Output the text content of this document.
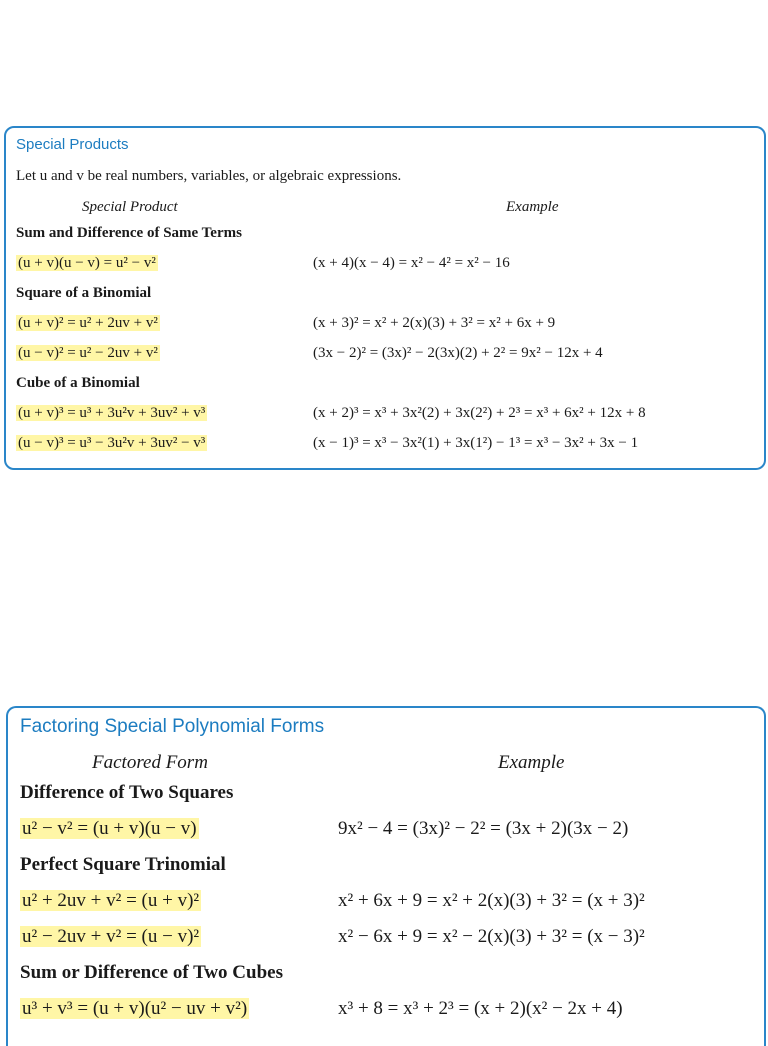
Special Products
Let u and v be real numbers, variables, or algebraic expressions.
Special Product	Example
Sum and Difference of Same Terms
(u + v)(u − v) = u² − v²	(x + 4)(x − 4) = x² − 4² = x² − 16
Square of a Binomial
(u + v)² = u² + 2uv + v²	(x + 3)² = x² + 2(x)(3) + 3² = x² + 6x + 9
(u − v)² = u² − 2uv + v²	(3x − 2)² = (3x)² − 2(3x)(2) + 2² = 9x² − 12x + 4
Cube of a Binomial
(u + v)³ = u³ + 3u²v + 3uv² + v³	(x + 2)³ = x³ + 3x²(2) + 3x(2²) + 2³ = x³ + 6x² + 12x + 8
(u − v)³ = u³ − 3u²v + 3uv² − v³	(x − 1)³ = x³ − 3x²(1) + 3x(1²) − 1³ = x³ − 3x² + 3x − 1
Factoring Special Polynomial Forms
Factored Form	Example
Difference of Two Squares
u² − v² = (u + v)(u − v)	9x² − 4 = (3x)² − 2² = (3x + 2)(3x − 2)
Perfect Square Trinomial
u² + 2uv + v² = (u + v)²	x² + 6x + 9 = x² + 2(x)(3) + 3² = (x + 3)²
u² − 2uv + v² = (u − v)²	x² − 6x + 9 = x² − 2(x)(3) + 3² = (x − 3)²
Sum or Difference of Two Cubes
u³ + v³ = (u + v)(u² − uv + v²)	x³ + 8 = x³ + 2³ = (x + 2)(x² − 2x + 4)
